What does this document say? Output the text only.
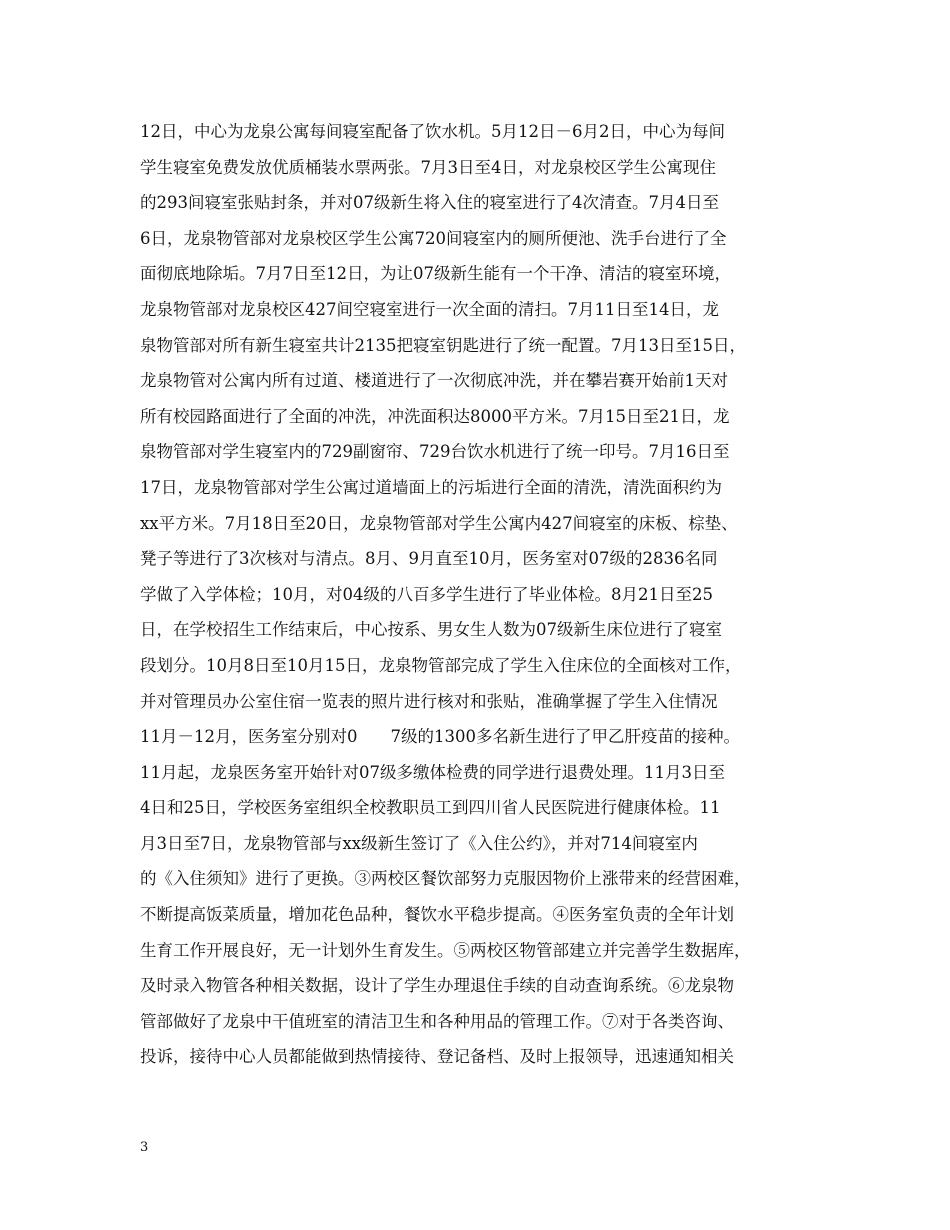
12日，中心为龙泉公寓每间寝室配备了饮水机。5月12日－6月2日，中心为每间
学生寝室免费发放优质桶装水票两张。7月3日至4日，对龙泉校区学生公寓现住
的293间寝室张贴封条，并对07级新生将入住的寝室进行了4次清查。7月4日至
6日，龙泉物管部对龙泉校区学生公寓720间寝室内的厕所便池、洗手台进行了全
面彻底地除垢。7月7日至12日，为让07级新生能有一个干净、清洁的寝室环境，
龙泉物管部对龙泉校区427间空寝室进行一次全面的清扫。7月11日至14日，龙
泉物管部对所有新生寝室共计2135把寝室钥匙进行了统一配置。7月13日至15日，
龙泉物管对公寓内所有过道、楼道进行了一次彻底冲洗，并在攀岩赛开始前1天对
所有校园路面进行了全面的冲洗，冲洗面积达8000平方米。7月15日至21日，龙
泉物管部对学生寝室内的729副窗帘、729台饮水机进行了统一印号。7月16日至
17日，龙泉物管部对学生公寓过道墙面上的污垢进行全面的清洗，清洗面积约为
xx平方米。7月18日至20日，龙泉物管部对学生公寓内427间寝室的床板、棕垫、
凳子等进行了3次核对与清点。8月、9月直至10月，医务室对07级的2836名同
学做了入学体检；10月，对04级的八百多学生进行了毕业体检。8月21日至25
日，在学校招生工作结束后，中心按系、男女生人数为07级新生床位进行了寝室
段划分。10月8日至10月15日，龙泉物管部完成了学生入住床位的全面核对工作，
并对管理员办公室住宿一览表的照片进行核对和张贴，准确掌握了学生入住情况
11月－12月，医务室分别对0　　7级的1300多名新生进行了甲乙肝疫苗的接种。
11月起，龙泉医务室开始针对07级多缴体检费的同学进行退费处理。11月3日至
4日和25日，学校医务室组织全校教职员工到四川省人民医院进行健康体检。11
月3日至7日，龙泉物管部与xx级新生签订了《入住公约》，并对714间寝室内
的《入住须知》进行了更换。③两校区餐饮部努力克服因物价上涨带来的经营困难，
不断提高饭菜质量，增加花色品种，餐饮水平稳步提高。④医务室负责的全年计划
生育工作开展良好，无一计划外生育发生。⑤两校区物管部建立并完善学生数据库，
及时录入物管各种相关数据，设计了学生办理退住手续的自动查询系统。⑥龙泉物
管部做好了龙泉中干值班室的清洁卫生和各种用品的管理工作。⑦对于各类咨询、
投诉，接待中心人员都能做到热情接待、登记备档、及时上报领导，迅速通知相关
3
